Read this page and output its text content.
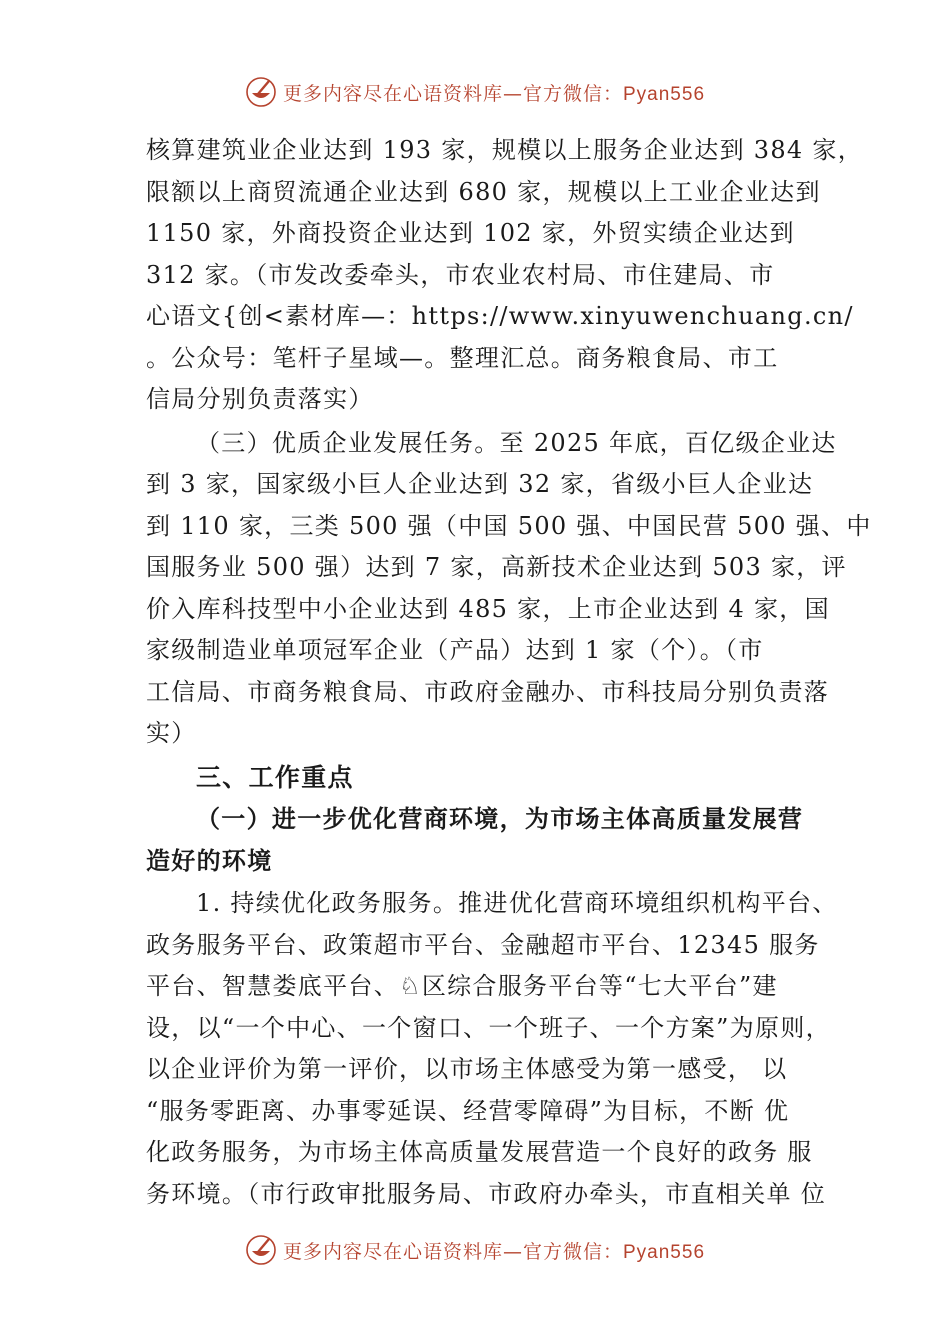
更多内容尽在心语资料库—官方微信：Pyan556
核算建筑业企业达到 193 家，规模以上服务企业达到 384 家，
限额以上商贸流通企业达到 680 家，规模以上工业企业达到
1150 家，外商投资企业达到 102 家，外贸实绩企业达到
312 家。（市发改委牵头，市农业农村局、市住建局、市
心语文{创<素材库—：https://www.xinyuwenchuang.cn/
。公众号：笔杆子星域—。整理汇总。商务粮食局、市工
信局分别负责落实）
（三）优质企业发展任务。至 2025 年底，百亿级企业达
到 3 家，国家级小巨人企业达到 32 家，省级小巨人企业达
到 110 家，三类 500 强（中国 500 强、中国民营 500 强、中
国服务业 500 强）达到 7 家，高新技术企业达到 503 家，评
价入库科技型中小企业达到 485 家，上市企业达到 4 家，国
家级制造业单项冠军企业（产品）达到 1 家（个）。（市
工信局、市商务粮食局、市政府金融办、市科技局分别负责落
实）
三、工作重点
（一）进一步优化营商环境，为市场主体高质量发展营
造好的环境
1. 持续优化政务服务。推进优化营商环境组织机构平台、
政务服务平台、政策超市平台、金融超市平台、12345 服务
平台、智慧娄底平台、♘区综合服务平台等“七大平台”建
设，以“一个中心、一个窗口、一个班子、一个方案”为原则，
以企业评价为第一评价，以市场主体感受为第一感受， 以
“服务零距离、办事零延误、经营零障碍”为目标，不断 优
化政务服务，为市场主体高质量发展营造一个良好的政务 服
务环境。（市行政审批服务局、市政府办牵头，市直相关单 位
更多内容尽在心语资料库—官方微信：Pyan556
